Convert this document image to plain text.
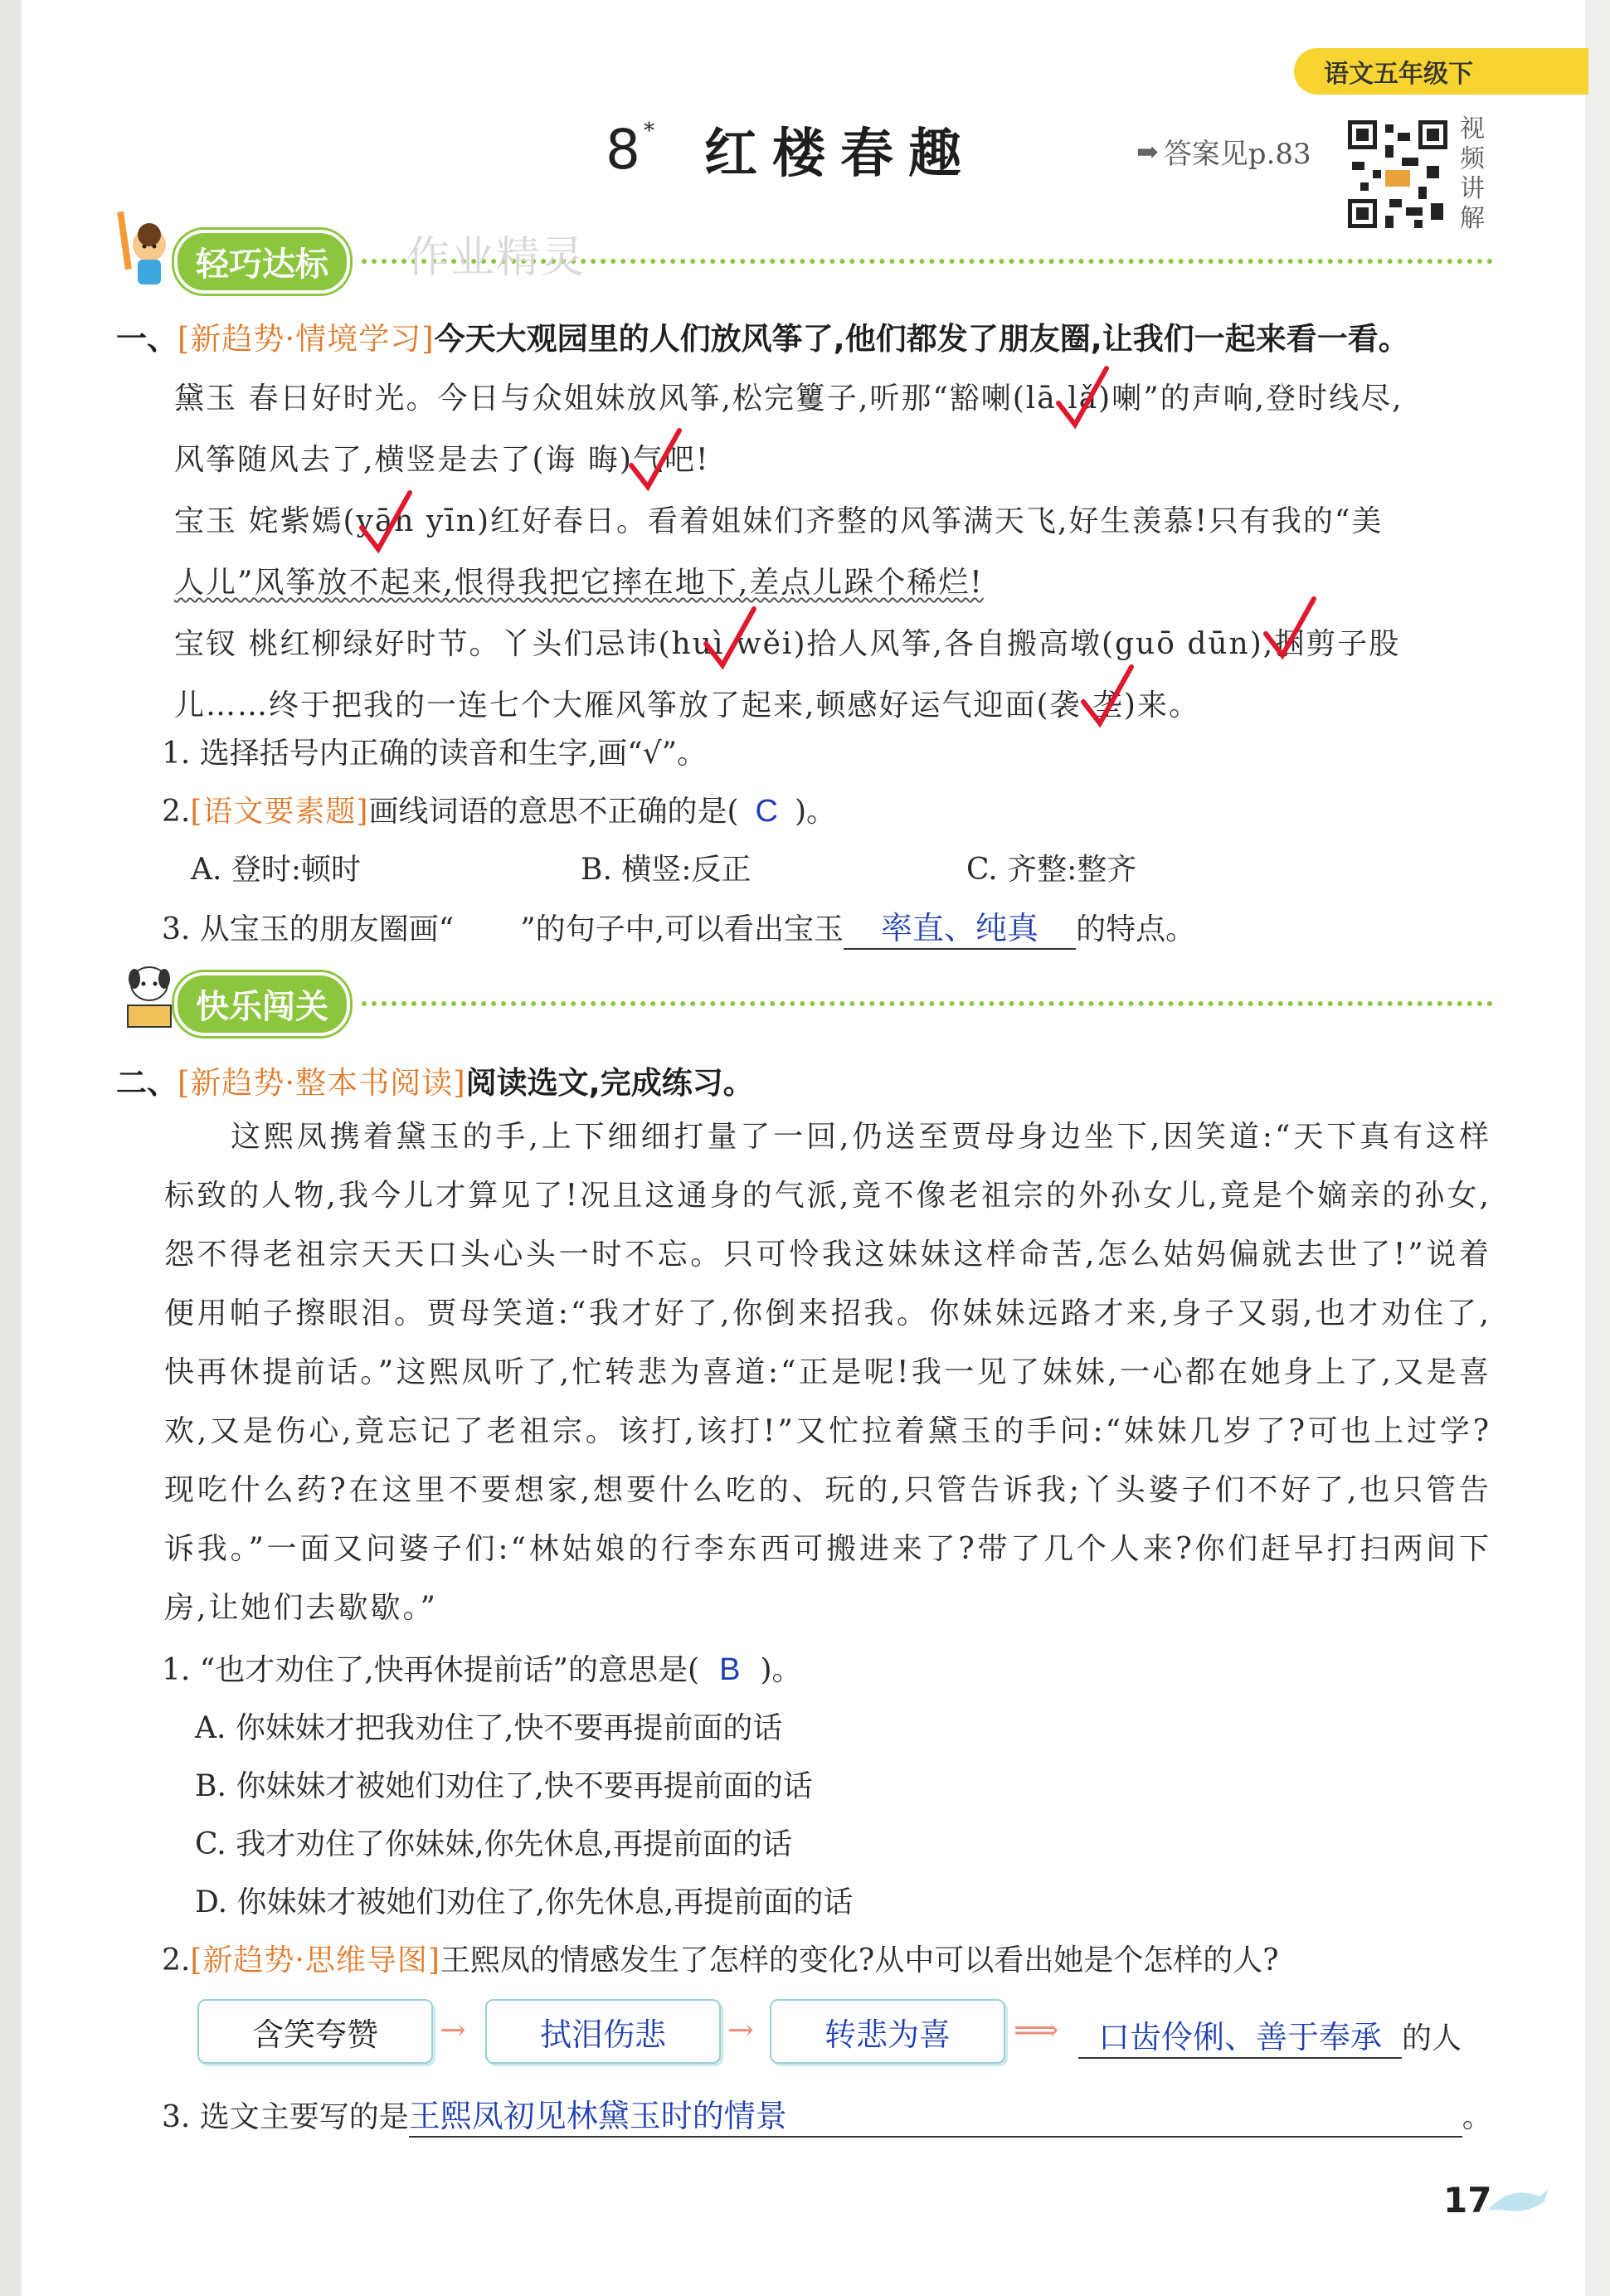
语文五年级下
8 * 红楼春趣	➡ 答案见p.83
视频讲解
轻巧达标	作业精灵
一、[新趋势·情境学习]今天大观园里的人们放风筝了,他们都发了朋友圈,让我们一起来看一看。
黛玉 春日好时光。今日与众姐妹放风筝,松完籰子,听那“豁喇(lā lǎ)喇”的声响,登时线尽,
风筝随风去了,横竖是去了(诲 晦)气吧!
宝玉 姹紫嫣(yān yīn)红好春日。看着姐妹们齐整的风筝满天飞,好生羡慕!只有我的“美
人儿”风筝放不起来,恨得我把它摔在地下,差点儿跺个稀烂!
宝钗 桃红柳绿好时节。丫头们忌讳(huì wěi)拾人风筝,各自搬高墩(guō dūn),捆剪子股
儿……终于把我的一连七个大雁风筝放了起来,顿感好运气迎面(袭 垄)来。
1. 选择括号内正确的读音和生字,画“√”。
2.[语文要素题]画线词语的意思不正确的是( C )。
A. 登时:顿时	B. 横竖:反正	C. 齐整:整齐
3. 从宝玉的朋友圈画“ ”的句子中,可以看出宝玉 率直、纯真 的特点。
快乐闯关
二、[新趋势·整本书阅读]阅读选文,完成练习。
这熙凤携着黛玉的手,上下细细打量了一回,仍送至贾母身边坐下,因笑道:“天下真有这样标致的人物,我今儿才算见了!况且这通身的气派,竟不像老祖宗的外孙女儿,竟是个嫡亲的孙女,怨不得老祖宗天天口头心头一时不忘。只可怜我这妹妹这样命苦,怎么姑妈偏就去世了!”说着便用帕子擦眼泪。贾母笑道:“我才好了,你倒来招我。你妹妹远路才来,身子又弱,也才劝住了,快再休提前话。”这熙凤听了,忙转悲为喜道:“正是呢!我一见了妹妹,一心都在她身上了,又是喜欢,又是伤心,竟忘记了老祖宗。该打,该打!”又忙拉着黛玉的手问:“妹妹几岁了?可也上过学?现吃什么药?在这里不要想家,想要什么吃的、玩的,只管告诉我;丫头婆子们不好了,也只管告诉我。”一面又问婆子们:“林姑娘的行李东西可搬进来了?带了几个人来?你们赶早打扫两间下房,让她们去歇歇。”
1. “也才劝住了,快再休提前话”的意思是( B )。
A. 你妹妹才把我劝住了,快不要再提前面的话
B. 你妹妹才被她们劝住了,快不要再提前面的话
C. 我才劝住了你妹妹,你先休息,再提前面的话
D. 你妹妹才被她们劝住了,你先休息,再提前面的话
2.[新趋势·思维导图]王熙凤的情感发生了怎样的变化?从中可以看出她是个怎样的人?
含笑夸赞	→	拭泪伤悲	→	转悲为喜	⟹	口齿伶俐、善于奉承 的人
3. 选文主要写的是王熙凤初见林黛玉时的情景	。
17
